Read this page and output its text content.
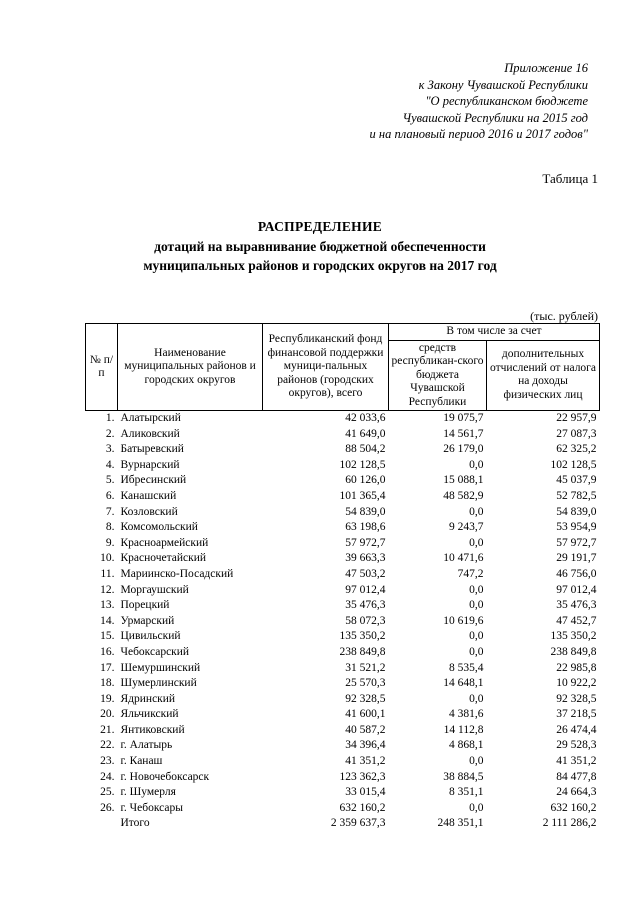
Приложение 16
к Закону Чувашской Республики
"О республиканском бюджете
Чувашской Республики на 2015 год
и на плановый период 2016 и 2017 годов"
Таблица 1
РАСПРЕДЕЛЕНИЕ
дотаций на выравнивание бюджетной обеспеченности
муниципальных районов и городских округов на 2017 год
(тыс. рублей)
№ п/п	Наименование муниципальных районов и городских округов	Республиканский фонд финансовой поддержки муници-пальных районов (городских округов), всего	В том числе за счет	
			средств республикан-ского бюджета Чувашской Республики	дополнительных отчислений от налога на доходы физических лиц
1.	Алатырский	42 033,6	19 075,7	22 957,9
2.	Аликовский	41 649,0	14 561,7	27 087,3
3.	Батыревский	88 504,2	26 179,0	62 325,2
4.	Вурнарский	102 128,5	0,0	102 128,5
5.	Ибресинский	60 126,0	15 088,1	45 037,9
6.	Канашский	101 365,4	48 582,9	52 782,5
7.	Козловский	54 839,0	0,0	54 839,0
8.	Комсомольский	63 198,6	9 243,7	53 954,9
9.	Красноармейский	57 972,7	0,0	57 972,7
10.	Красночетайский	39 663,3	10 471,6	29 191,7
11.	Мариинско-Посадский	47 503,2	747,2	46 756,0
12.	Моргаушский	97 012,4	0,0	97 012,4
13.	Порецкий	35 476,3	0,0	35 476,3
14.	Урмарский	58 072,3	10 619,6	47 452,7
15.	Цивильский	135 350,2	0,0	135 350,2
16.	Чебоксарский	238 849,8	0,0	238 849,8
17.	Шемуршинский	31 521,2	8 535,4	22 985,8
18.	Шумерлинский	25 570,3	14 648,1	10 922,2
19.	Ядринский	92 328,5	0,0	92 328,5
20.	Яльчикский	41 600,1	4 381,6	37 218,5
21.	Янтиковский	40 587,2	14 112,8	26 474,4
22.	г. Алатырь	34 396,4	4 868,1	29 528,3
23.	г. Канаш	41 351,2	0,0	41 351,2
24.	г. Новочебоксарск	123 362,3	38 884,5	84 477,8
25.	г. Шумерля	33 015,4	8 351,1	24 664,3
26.	г. Чебоксары	632 160,2	0,0	632 160,2
	Итого	2 359 637,3	248 351,1	2 111 286,2
